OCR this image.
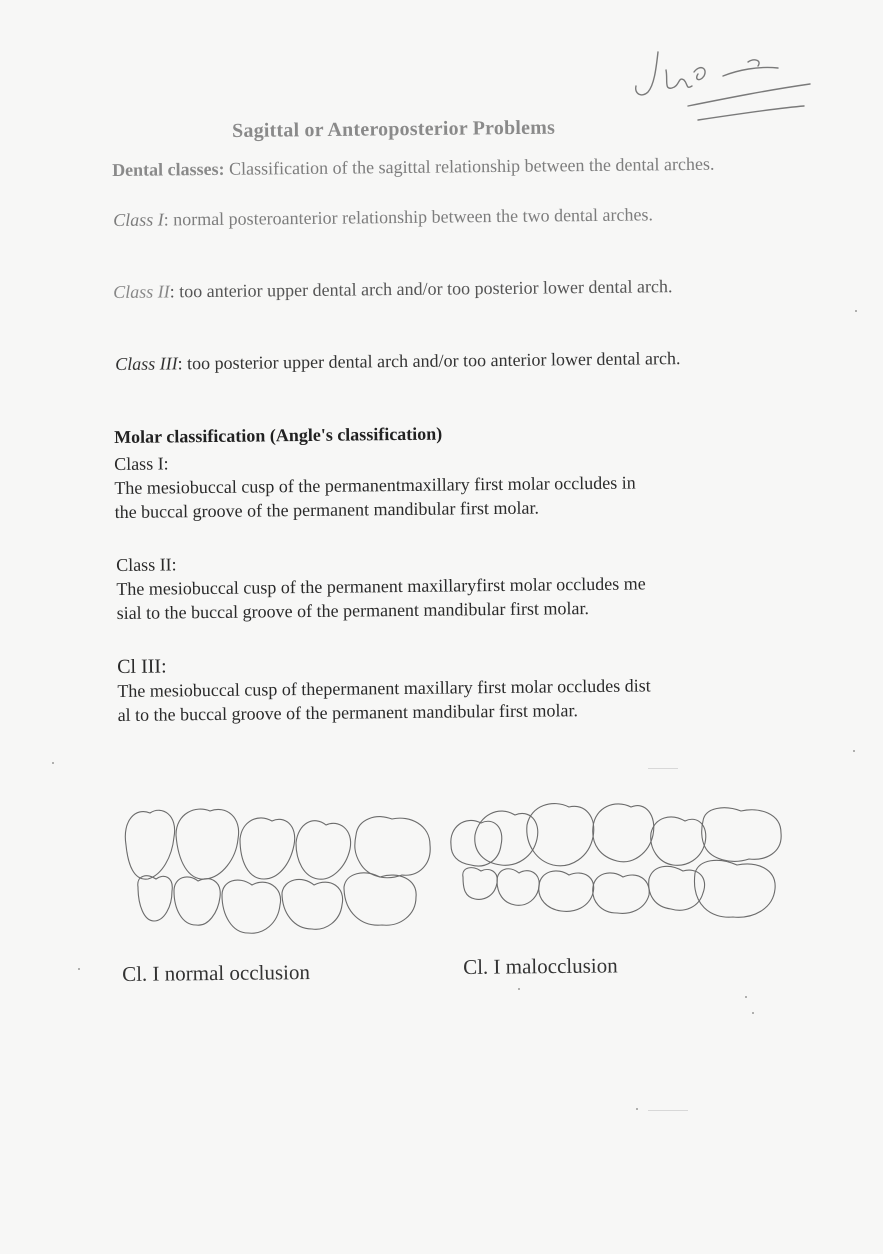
Sagittal or Anteroposterior Problems
Dental classes: Classification of the sagittal relationship between the dental arches.
Class I: normal posteroanterior relationship between the two dental arches.
Class II: too anterior upper dental arch and/or too posterior lower dental arch.
Class III: too posterior upper dental arch and/or too anterior lower dental arch.
Molar classification (Angle's classification)
Class I:
The mesiobuccal cusp of the permanentmaxillary first molar occludes in
the buccal groove of the permanent mandibular first molar.
Class II:
The mesiobuccal cusp of the permanent maxillaryfirst molar occludes me
sial to the buccal groove of the permanent mandibular first molar.
Cl III:
The mesiobuccal cusp of thepermanent maxillary first molar occludes dist
al to the buccal groove of the permanent mandibular first molar.
Cl. I normal occlusion	Cl. I malocclusion
